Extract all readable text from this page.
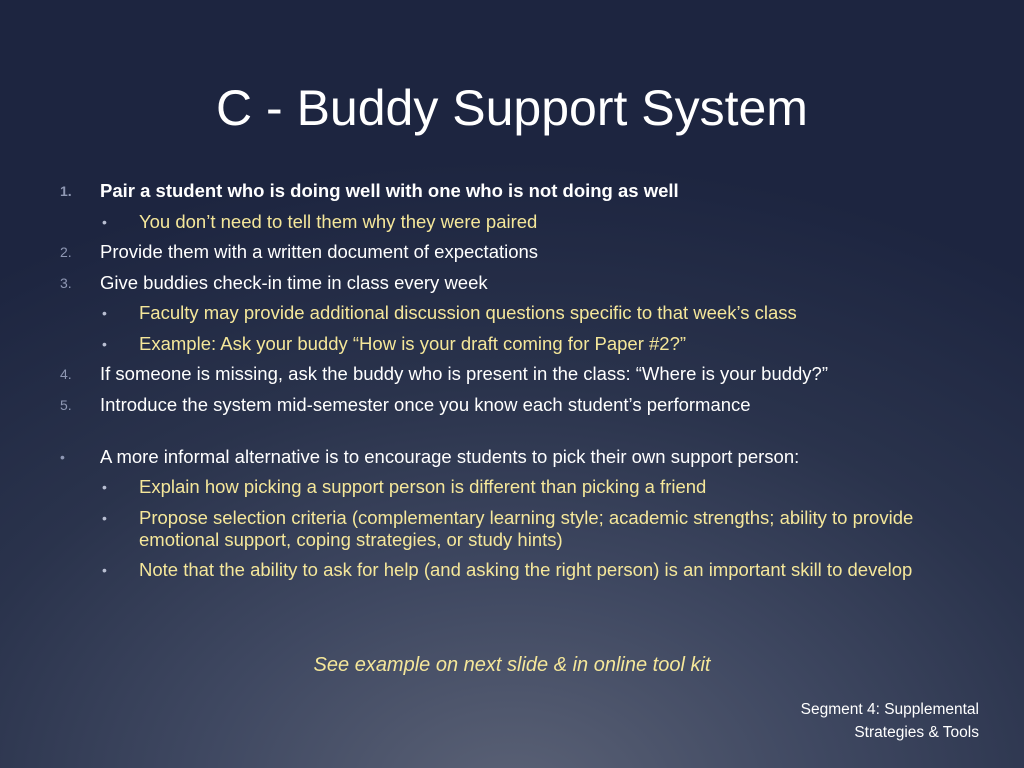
C - Buddy Support System
1. Pair a student who is doing well with one who is not doing as well
• You don’t need to tell them why they were paired
2. Provide them with a written document of expectations
3. Give buddies check-in time in class every week
• Faculty may provide additional discussion questions specific to that week’s class
• Example: Ask your buddy “How is your draft coming for Paper #2?”
4. If someone is missing, ask the buddy who is present in the class: “Where is your buddy?”
5. Introduce the system mid-semester once you know each student’s performance
• A more informal alternative is to encourage students to pick their own support person:
• Explain how picking a support person is different than picking a friend
• Propose selection criteria (complementary learning style; academic strengths; ability to provide emotional support, coping strategies, or study hints)
• Note that the ability to ask for help (and asking the right person) is an important skill to develop
See example on next slide & in online tool kit
Segment 4: Supplemental
Strategies & Tools
